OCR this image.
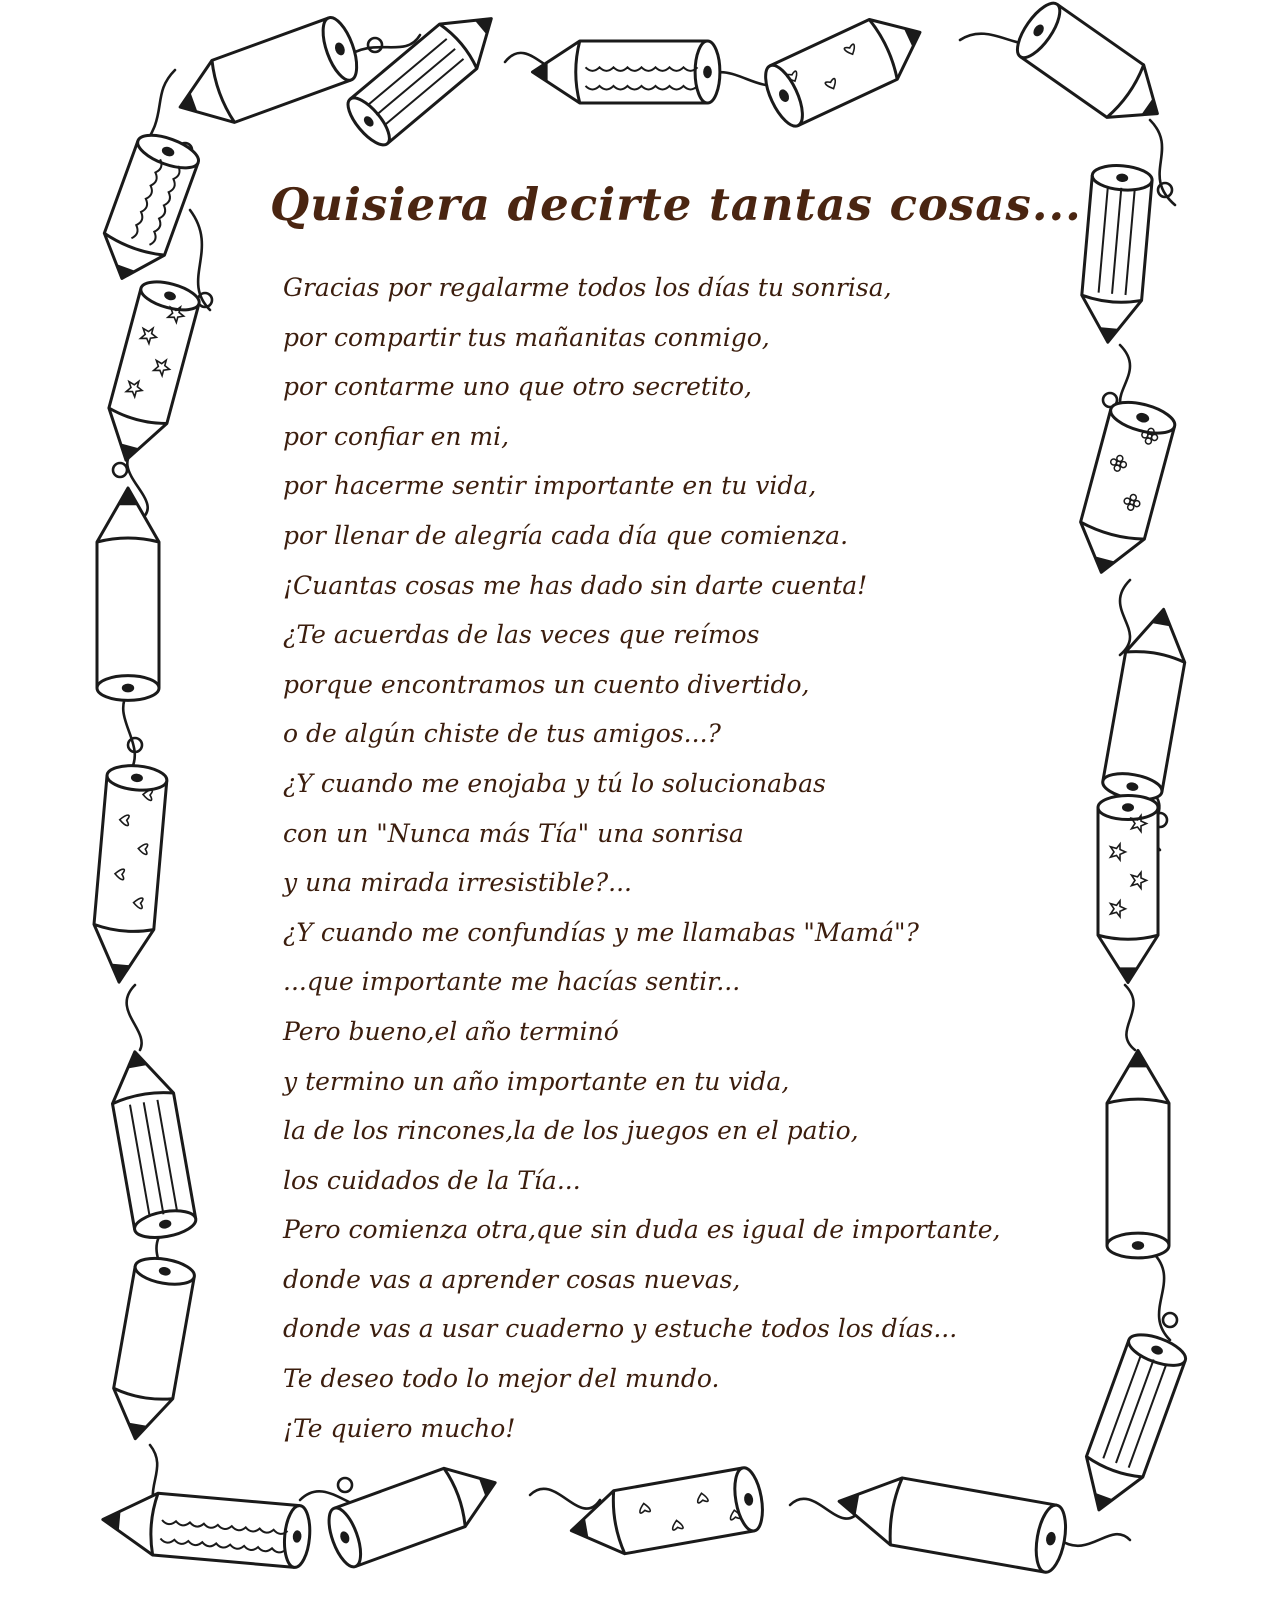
Quisiera decirte tantas cosas...
Gracias por regalarme todos los días tu sonrisa,
por compartir tus mañanitas conmigo,
por contarme uno que otro secretito,
por confiar en mi,
por hacerme sentir importante en tu vida,
por llenar de alegría cada día que comienza.
¡Cuantas cosas me has dado sin darte cuenta!
¿Te acuerdas de las veces que reímos
porque encontramos un cuento divertido,
o de algún chiste de tus amigos...?
¿Y cuando me enojaba y tú lo solucionabas
con un "Nunca más Tía" una sonrisa
y una mirada irresistible?...
¿Y cuando me confundías y me llamabas "Mamá"?
...que importante me hacías sentir...
Pero bueno,el año terminó
y termino un año importante en tu vida,
la de los rincones,la de los juegos en el patio,
los cuidados de la Tía...
Pero comienza otra,que sin duda es igual de importante,
donde vas a aprender cosas nuevas,
donde vas a usar cuaderno y estuche todos los días...
Te deseo todo lo mejor del mundo.
¡Te quiero mucho!
